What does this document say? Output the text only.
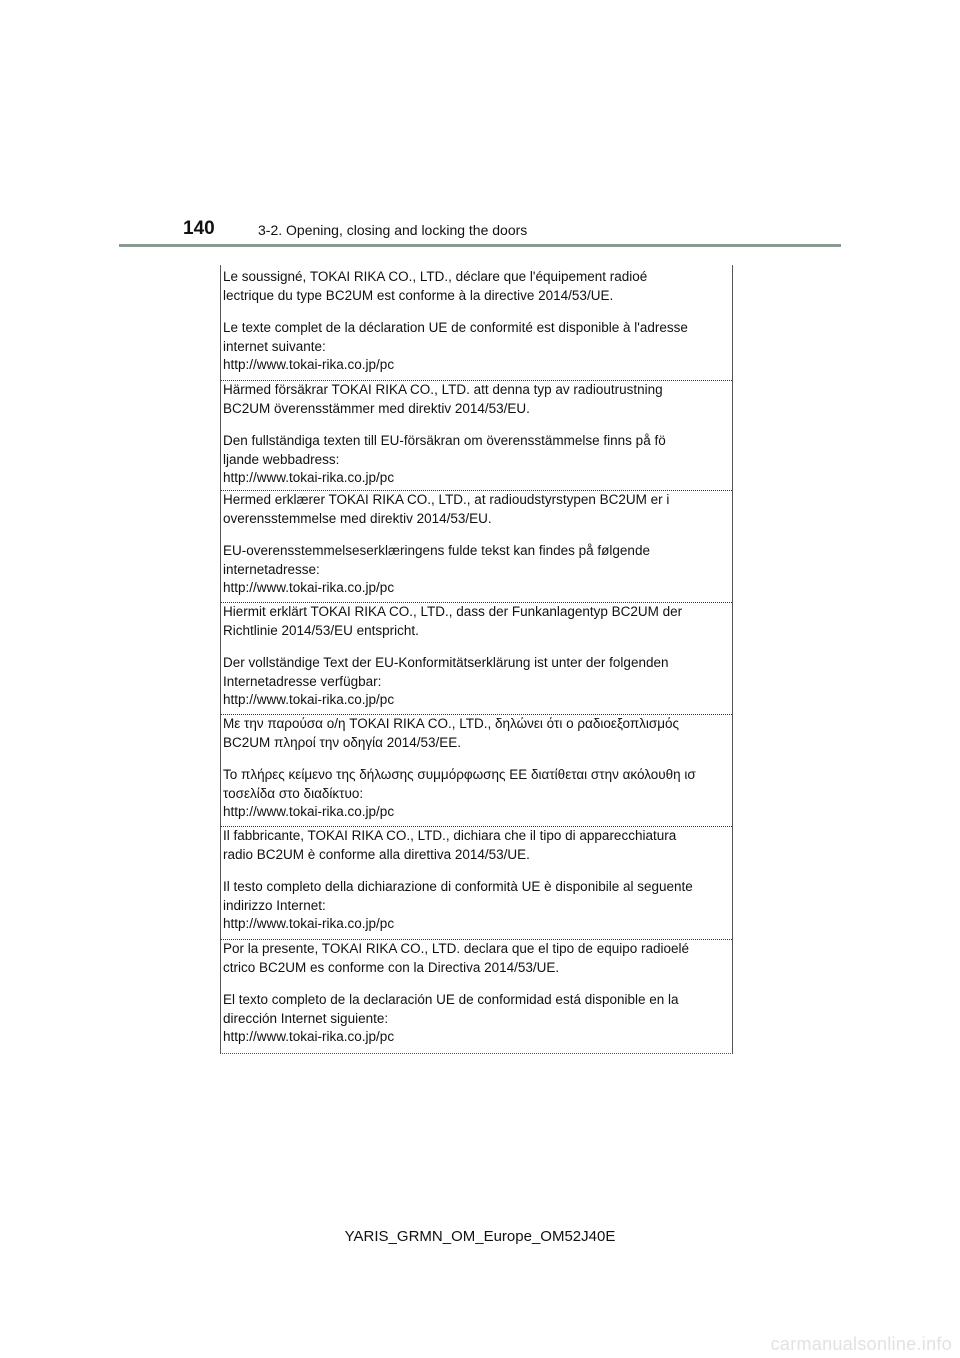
140	3-2. Opening, closing and locking the doors
Le soussigné, TOKAI RIKA CO., LTD., déclare que l'équipement radioé
lectrique du type BC2UM est conforme à la directive 2014/53/UE.
Le texte complet de la déclaration UE de conformité est disponible à l'adresse
internet suivante:
http://www.tokai-rika.co.jp/pc
Härmed försäkrar TOKAI RIKA CO., LTD. att denna typ av radioutrustning
BC2UM överensstämmer med direktiv 2014/53/EU.
Den fullständiga texten till EU-försäkran om överensstämmelse finns på fö
ljande webbadress:
http://www.tokai-rika.co.jp/pc
Hermed erklærer TOKAI RIKA CO., LTD., at radioudstyrstypen BC2UM er i
overensstemmelse med direktiv 2014/53/EU.
EU-overensstemmelseserklæringens fulde tekst kan findes på følgende
internetadresse:
http://www.tokai-rika.co.jp/pc
Hiermit erklärt TOKAI RIKA CO., LTD., dass der Funkanlagentyp BC2UM der
Richtlinie 2014/53/EU entspricht.
Der vollständige Text der EU-Konformitätserklärung ist unter der folgenden
Internetadresse verfügbar:
http://www.tokai-rika.co.jp/pc
Με την παρούσα ο/η TOKAI RIKA CO., LTD., δηλώνει ότι ο ραδιοεξοπλισμός
BC2UM πληροί την οδηγία 2014/53/ΕΕ.
Το πλήρες κείμενο της δήλωσης συμμόρφωσης ΕΕ διατίθεται στην ακόλουθη ισ
τοσελίδα στο διαδίκτυο:
http://www.tokai-rika.co.jp/pc
Il fabbricante, TOKAI RIKA CO., LTD., dichiara che il tipo di apparecchiatura
radio BC2UM è conforme alla direttiva 2014/53/UE.
Il testo completo della dichiarazione di conformità UE è disponibile al seguente
indirizzo Internet:
http://www.tokai-rika.co.jp/pc
Por la presente, TOKAI RIKA CO., LTD. declara que el tipo de equipo radioelé
ctrico BC2UM es conforme con la Directiva 2014/53/UE.
El texto completo de la declaración UE de conformidad está disponible en la
dirección Internet siguiente:
http://www.tokai-rika.co.jp/pc
YARIS_GRMN_OM_Europe_OM52J40E
carmanualsonline.info
